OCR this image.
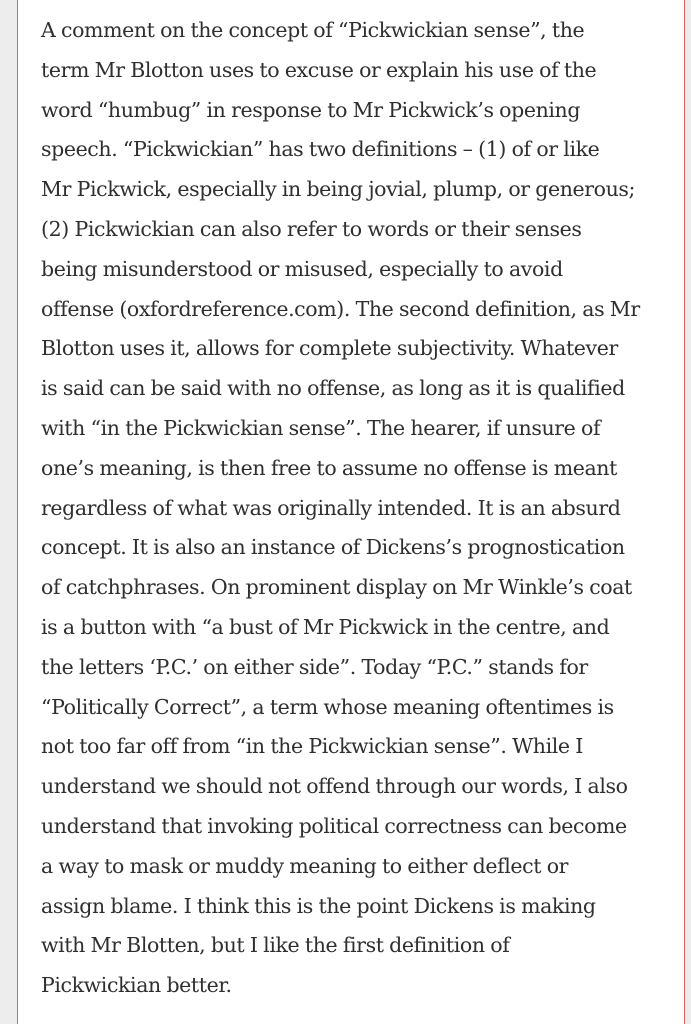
A comment on the concept of “Pickwickian sense”, the
term Mr Blotton uses to excuse or explain his use of the
word “humbug” in response to Mr Pickwick’s opening
speech. “Pickwickian” has two definitions – (1) of or like
Mr Pickwick, especially in being jovial, plump, or generous;
(2) Pickwickian can also refer to words or their senses
being misunderstood or misused, especially to avoid
offense (oxfordreference.com). The second definition, as Mr
Blotton uses it, allows for complete subjectivity. Whatever
is said can be said with no offense, as long as it is qualified
with “in the Pickwickian sense”. The hearer, if unsure of
one’s meaning, is then free to assume no offense is meant
regardless of what was originally intended. It is an absurd
concept. It is also an instance of Dickens’s prognostication
of catchphrases. On prominent display on Mr Winkle’s coat
is a button with “a bust of Mr Pickwick in the centre, and
the letters ‘P.C.’ on either side”. Today “P.C.” stands for
“Politically Correct”, a term whose meaning oftentimes is
not too far off from “in the Pickwickian sense”. While I
understand we should not offend through our words, I also
understand that invoking political correctness can become
a way to mask or muddy meaning to either deflect or
assign blame. I think this is the point Dickens is making
with Mr Blotten, but I like the first definition of
Pickwickian better.
